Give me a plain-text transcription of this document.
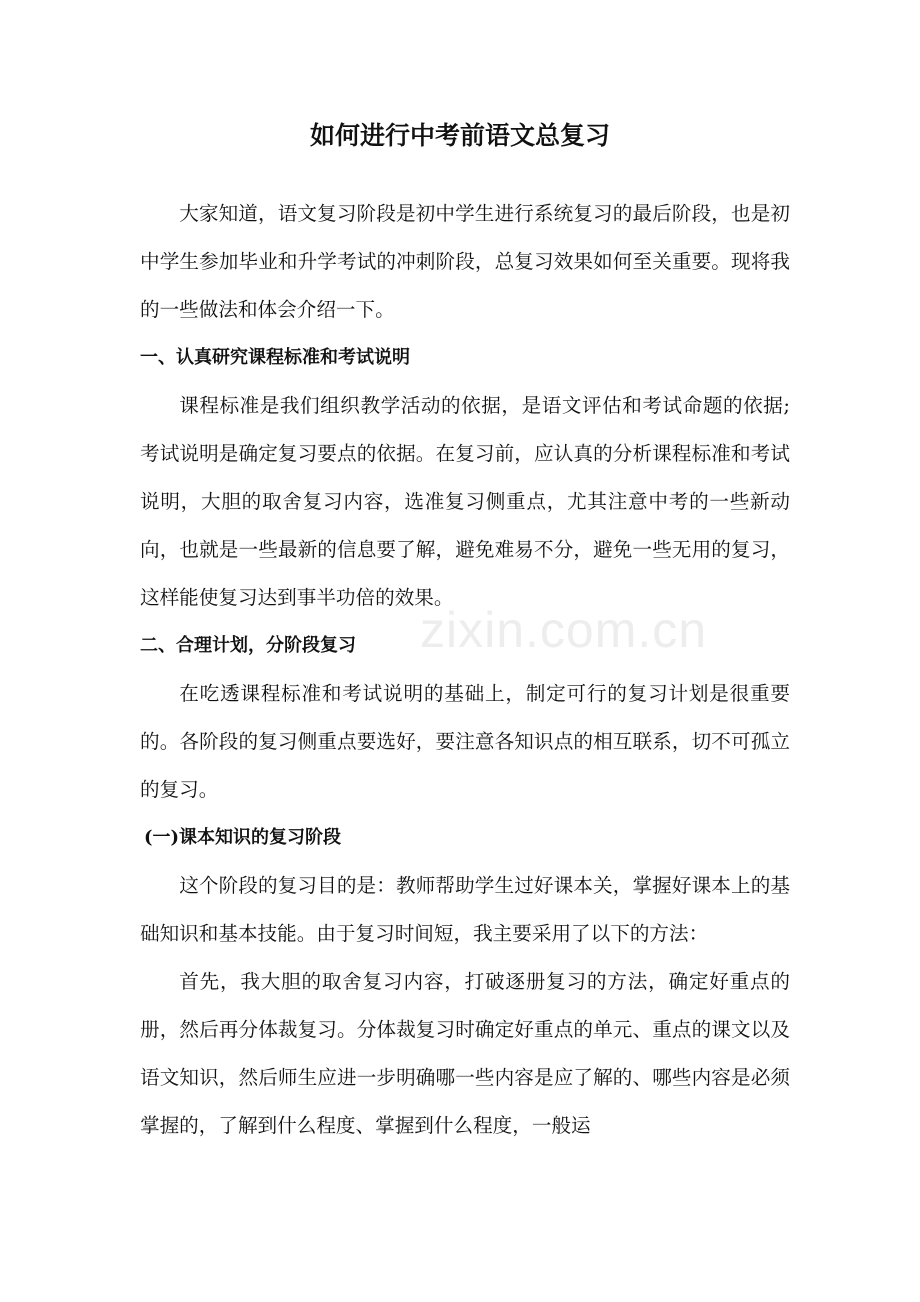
如何进行中考前语文总复习

大家知道，语文复习阶段是初中学生进行系统复习的最后阶段，也是初中学生参加毕业和升学考试的冲刺阶段，总复习效果如何至关重要。现将我的一些做法和体会介绍一下。

一、认真研究课程标准和考试说明

课程标准是我们组织教学活动的依据，是语文评估和考试命题的依据; 考试说明是确定复习要点的依据。在复习前，应认真的分析课程标准和考试说明，大胆的取舍复习内容，选准复习侧重点，尤其注意中考的一些新动向，也就是一些最新的信息要了解，避免难易不分，避免一些无用的复习，这样能使复习达到事半功倍的效果。

二、合理计划，分阶段复习

在吃透课程标准和考试说明的基础上，制定可行的复习计划是很重要的。各阶段的复习侧重点要选好，要注意各知识点的相互联系，切不可孤立的复习。

(一)课本知识的复习阶段

这个阶段的复习目的是：教师帮助学生过好课本关，掌握好课本上的基础知识和基本技能。由于复习时间短，我主要采用了以下的方法：

首先，我大胆的取舍复习内容，打破逐册复习的方法，确定好重点的册，然后再分体裁复习。分体裁复习时确定好重点的单元、重点的课文以及语文知识，然后师生应进一步明确哪一些内容是应了解的、哪些内容是必须掌握的，了解到什么程度、掌握到什么程度，一般运

zixin.com.cn
